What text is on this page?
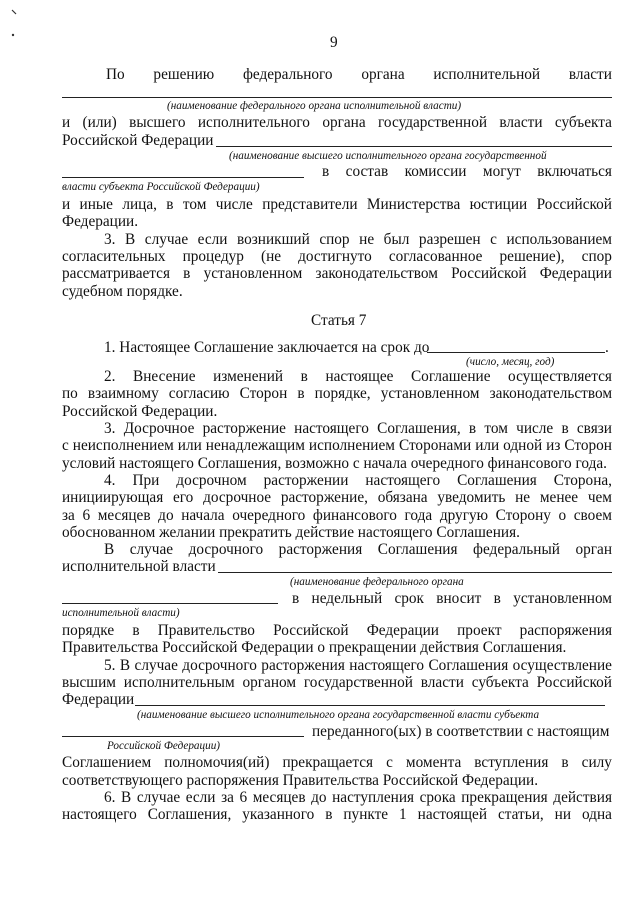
9
По решению федерального органа исполнительной власти
(наименование федерального органа исполнительной власти)
и (или) высшего исполнительного органа государственной власти субъекта
Российской Федерации
(наименование высшего исполнительного органа государственной
в состав комиссии могут включаться
власти субъекта Российской Федерации)
и иные лица, в том числе представители Министерства юстиции Российской
Федерации.
3. В случае если возникший спор не был разрешен с использованием
согласительных процедур (не достигнуто согласованное решение), спор
рассматривается в установленном законодательством Российской Федерации
судебном порядке.
Статья 7
1. Настоящее Соглашение заключается на срок до	.
(число, месяц, год)
2. Внесение изменений в настоящее Соглашение осуществляется
по взаимному согласию Сторон в порядке, установленном законодательством
Российской Федерации.
3. Досрочное расторжение настоящего Соглашения, в том числе в связи
с неисполнением или ненадлежащим исполнением Сторонами или одной из Сторон
условий настоящего Соглашения, возможно с начала очередного финансового года.
4. При досрочном расторжении настоящего Соглашения Сторона,
инициирующая его досрочное расторжение, обязана уведомить не менее чем
за 6 месяцев до начала очередного финансового года другую Сторону о своем
обоснованном желании прекратить действие настоящего Соглашения.
В случае досрочного расторжения Соглашения федеральный орган
исполнительной власти
(наименование федерального органа
в недельный срок вносит в установленном
исполнительной власти)
порядке в Правительство Российской Федерации проект распоряжения
Правительства Российской Федерации о прекращении действия Соглашения.
5. В случае досрочного расторжения настоящего Соглашения осуществление
высшим исполнительным органом государственной власти субъекта Российской
Федерации
(наименование высшего исполнительного органа государственной власти субъекта
переданного(ых) в соответствии с настоящим
Российской Федерации)
Соглашением полномочия(ий) прекращается с момента вступления в силу
соответствующего распоряжения Правительства Российской Федерации.
6. В случае если за 6 месяцев до наступления срока прекращения действия
настоящего Соглашения, указанного в пункте 1 настоящей статьи, ни одна
